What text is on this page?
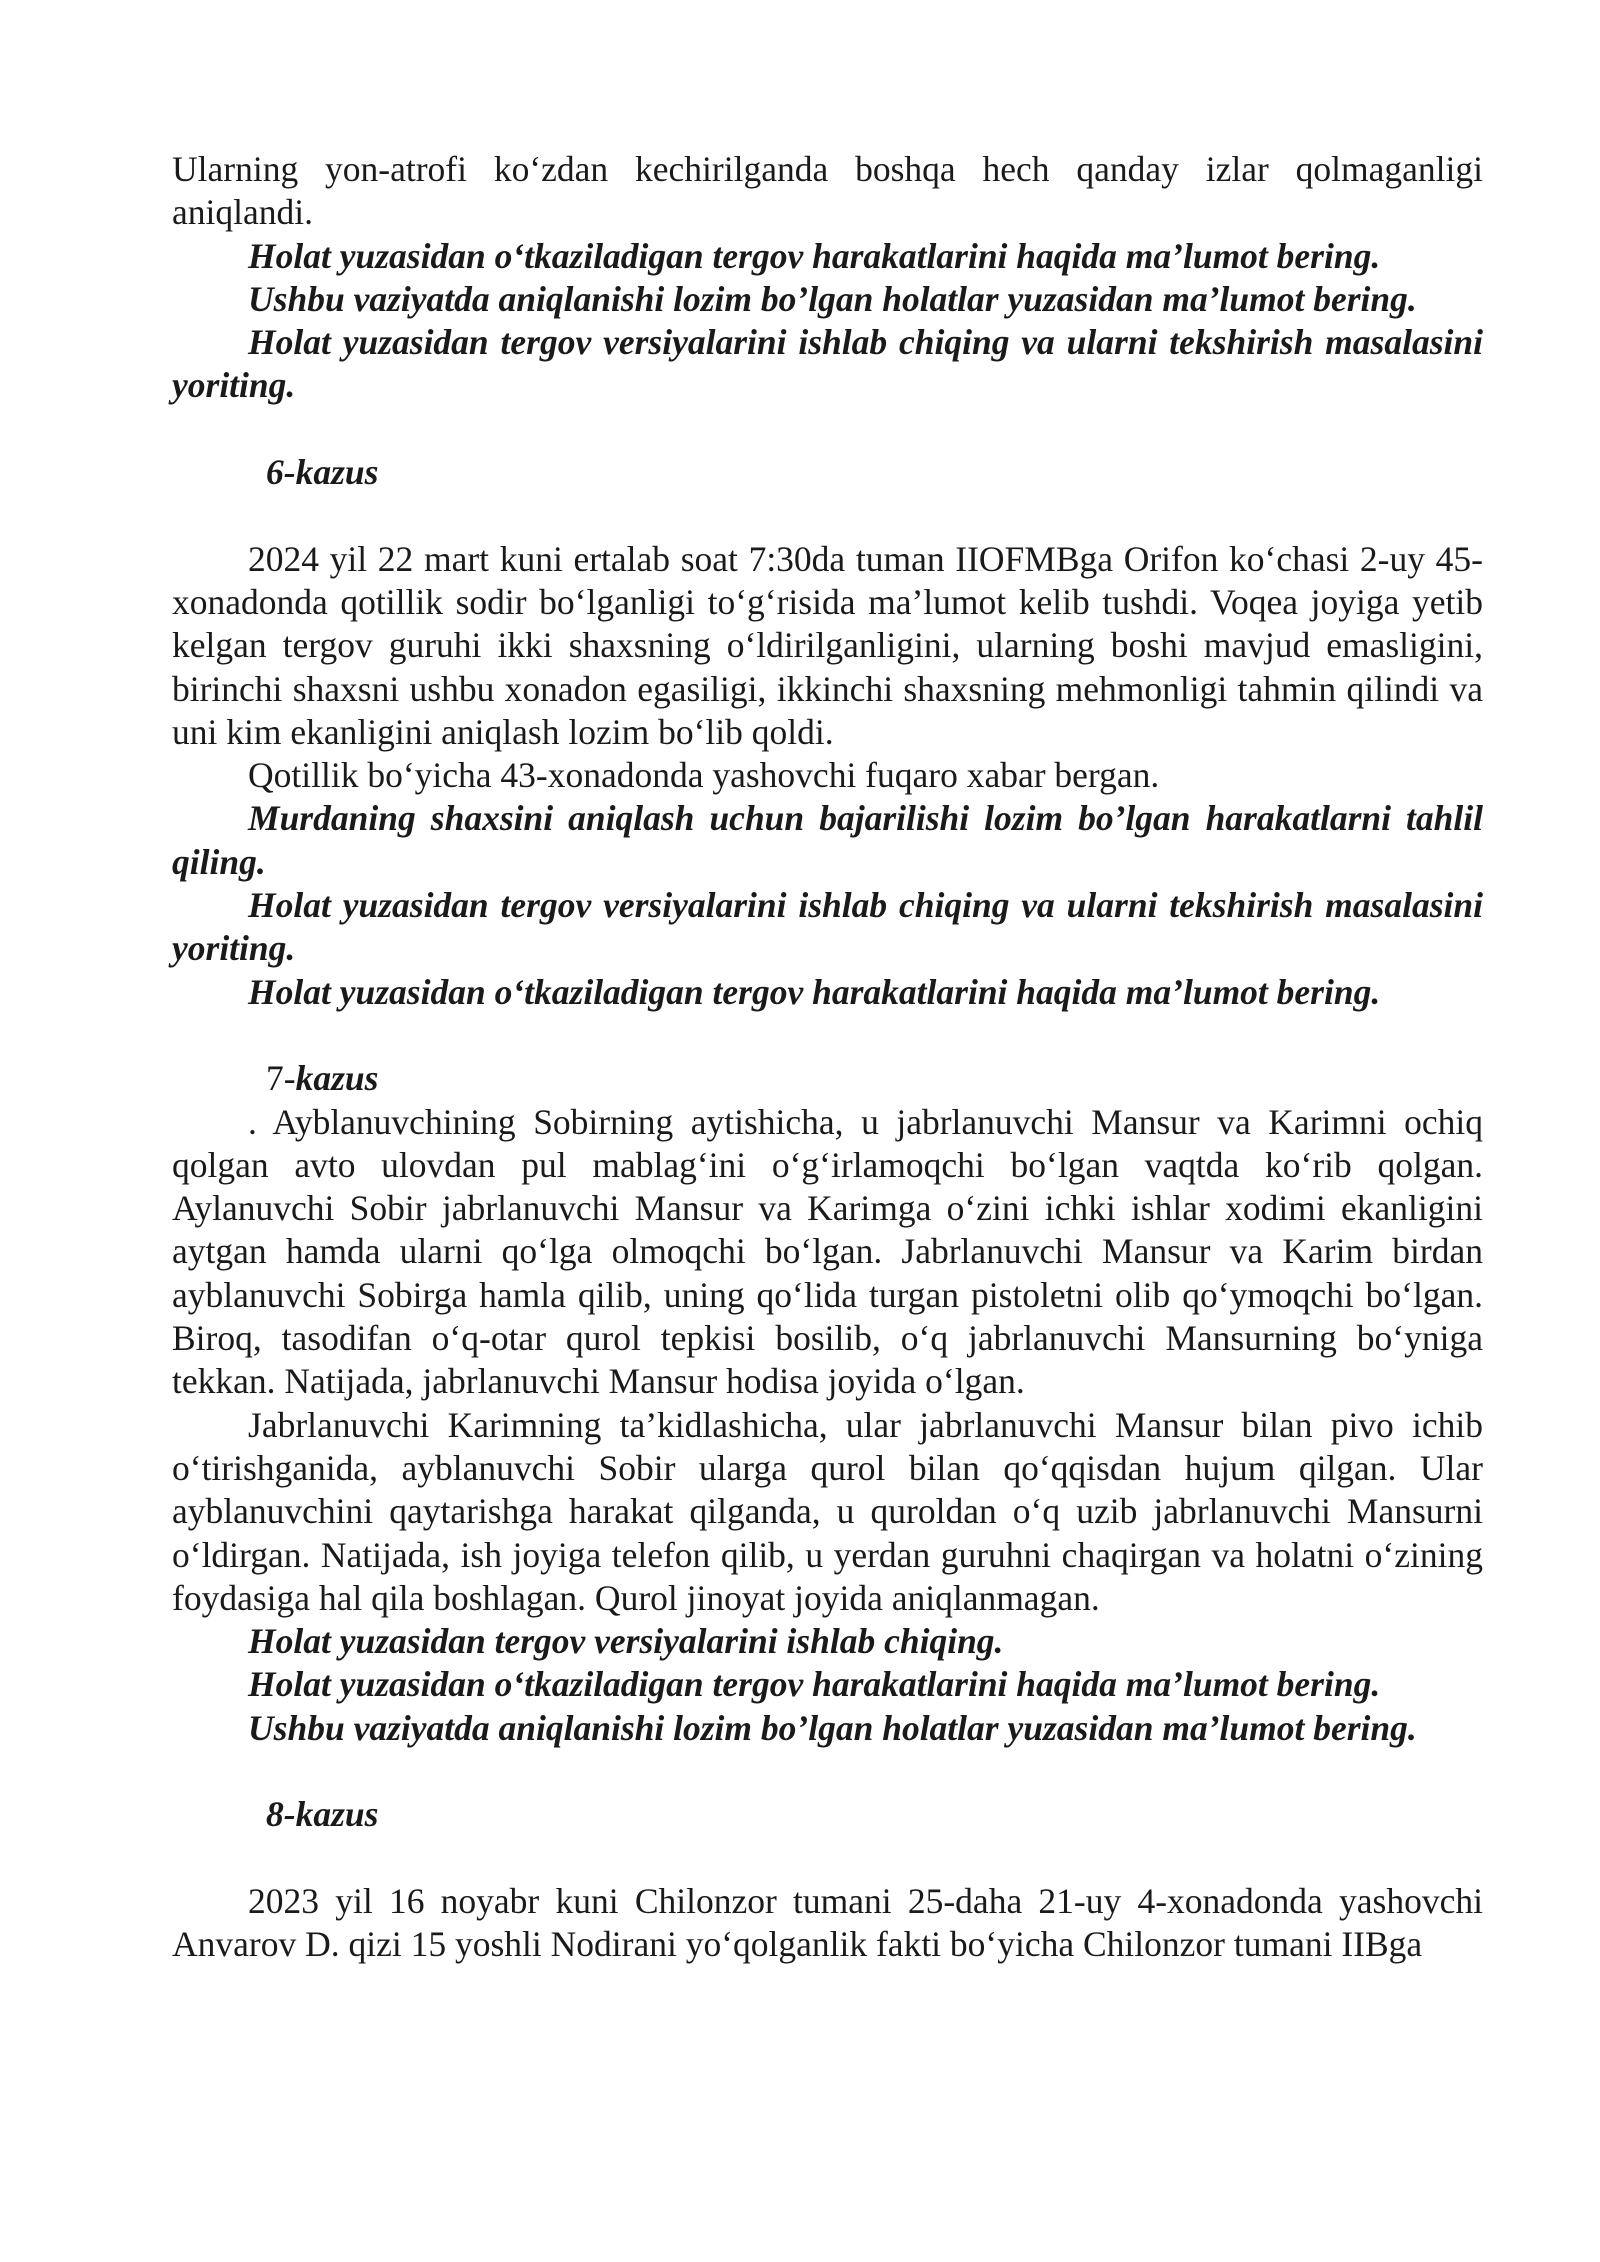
Ularning yon-atrofi ko‘zdan kechirilganda boshqa hech qanday izlar qolmaganligi aniqlandi.

Holat yuzasidan o‘tkaziladigan tergov harakatlarini haqida ma’lumot bering.

Ushbu vaziyatda aniqlanishi lozim bo’lgan holatlar yuzasidan ma’lumot bering.

Holat yuzasidan tergov versiyalarini ishlab chiqing va ularni tekshirish masalasini yoriting.

6-kazus

2024 yil 22 mart kuni ertalab soat 7:30da tuman IIOFMBga Orifon ko‘chasi 2-uy 45-xonadonda qotillik sodir bo‘lganligi to‘g‘risida ma’lumot kelib tushdi. Voqea joyiga yetib kelgan tergov guruhi ikki shaxsning o‘ldirilganligini, ularning boshi mavjud emasligini, birinchi shaxsni ushbu xonadon egasiligi, ikkinchi shaxsning mehmonligi tahmin qilindi va uni kim ekanligini aniqlash lozim bo‘lib qoldi.

Qotillik bo‘yicha 43-xonadonda yashovchi fuqaro xabar bergan.

Murdaning shaxsini aniqlash uchun bajarilishi lozim bo’lgan harakatlarni tahlil qiling.

Holat yuzasidan tergov versiyalarini ishlab chiqing va ularni tekshirish masalasini yoriting.

Holat yuzasidan o‘tkaziladigan tergov harakatlarini haqida ma’lumot bering.

7-kazus

. Ayblanuvchining Sobirning aytishicha, u jabrlanuvchi Mansur va Karimni ochiq qolgan avto ulovdan pul mablag‘ini o‘g‘irlamoqchi bo‘lgan vaqtda ko‘rib qolgan. Aylanuvchi Sobir jabrlanuvchi Mansur va Karimga o‘zini ichki ishlar xodimi ekanligini aytgan hamda ularni qo‘lga olmoqchi bo‘lgan. Jabrlanuvchi Mansur va Karim birdan ayblanuvchi Sobirga hamla qilib, uning qo‘lida turgan pistoletni olib qo‘ymoqchi bo‘lgan. Biroq, tasodifan o‘q-otar qurol tepkisi bosilib, o‘q jabrlanuvchi Mansurning bo‘yniga tekkan. Natijada, jabrlanuvchi Mansur hodisa joyida o‘lgan.

Jabrlanuvchi Karimning ta’kidlashicha, ular jabrlanuvchi Mansur bilan pivo ichib o‘tirishganida, ayblanuvchi Sobir ularga qurol bilan qo‘qqisdan hujum qilgan. Ular ayblanuvchini qaytarishga harakat qilganda, u quroldan o‘q uzib jabrlanuvchi Mansurni o‘ldirgan. Natijada, ish joyiga telefon qilib, u yerdan guruhni chaqirgan va holatni o‘zining foydasiga hal qila boshlagan. Qurol jinoyat joyida aniqlanmagan.

Holat yuzasidan tergov versiyalarini ishlab chiqing.

Holat yuzasidan o‘tkaziladigan tergov harakatlarini haqida ma’lumot bering.

Ushbu vaziyatda aniqlanishi lozim bo’lgan holatlar yuzasidan ma’lumot bering.

8-kazus

2023 yil 16 noyabr kuni Chilonzor tumani 25-daha 21-uy 4-xonadonda yashovchi Anvarov D. qizi 15 yoshli Nodirani yo‘qolganlik fakti bo‘yicha Chilonzor tumani IIBga
